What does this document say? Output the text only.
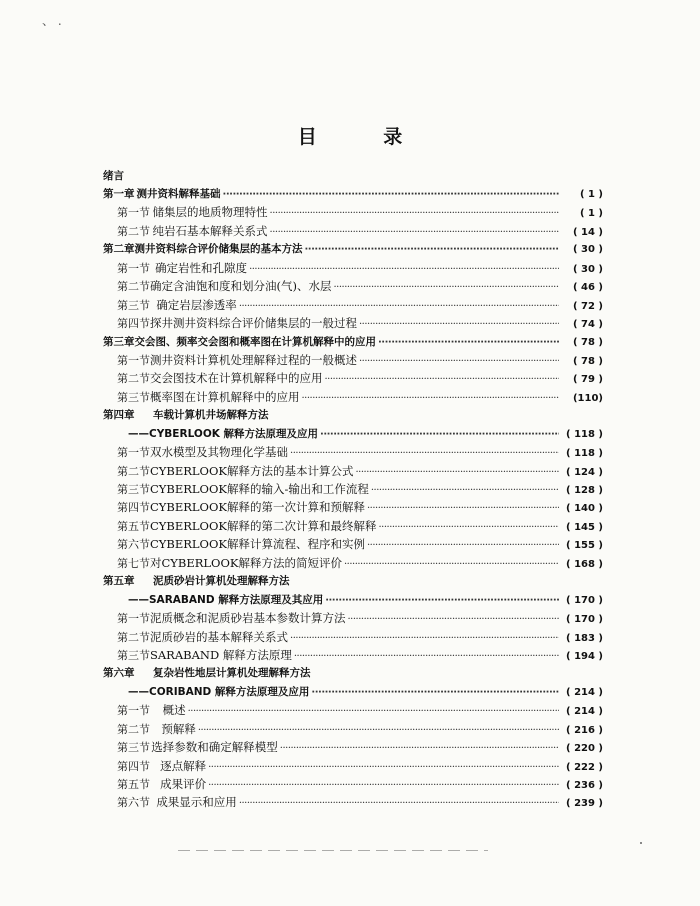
、 .
目 录
绪言
第一章 测井资料解释基础 ·····	( 1 )
第一节 储集层的地质物理特性 ·····	( 1 )
第二节 纯岩石基本解释关系式 ·····	( 14 )
第二章 测井资料综合评价储集层的基本方法 ·····	( 30 )
第一节 确定岩性和孔隙度 ·····	( 30 )
第二节 确定含油饱和度和划分油(气)、水层 ·····	( 46 )
第三节 确定岩层渗透率 ·····	( 72 )
第四节 探井测井资料综合评价储集层的一般过程 ·····	( 74 )
第三章 交会图、频率交会图和概率图在计算机解释中的应用 ·····	( 78 )
第一节 测井资料计算机处理解释过程的一般概述 ·····	( 78 )
第二节 交会图技术在计算机解释中的应用 ·····	( 79 )
第三节 概率图在计算机解释中的应用 ·····	(110)
第四章	车载计算机井场解释方法
——CYBERLOOK 解释方法原理及应用 ·····	( 118 )
第一节 双水模型及其物理化学基础 ·····	( 118 )
第二节 CYBERLOOK解释方法的基本计算公式 ·····	( 124 )
第三节 CYBERLOOK解释的输入-输出和工作流程 ·····	( 128 )
第四节 CYBERLOOK解释的第一次计算和预解释 ·····	( 140 )
第五节 CYBERLOOK解释的第二次计算和最终解释 ·····	( 145 )
第六节 CYBERLOOK解释计算流程、程序和实例 ·····	( 155 )
第七节 对CYBERLOOK解释方法的简短评价 ·····	( 168 )
第五章	泥质砂岩计算机处理解释方法
——SARABAND 解释方法原理及其应用 ·····	( 170 )
第一节 泥质概念和泥质砂岩基本参数计算方法 ·····	( 170 )
第二节 泥质砂岩的基本解释关系式 ·····	( 183 )
第三节 SARABAND 解释方法原理 ·····	( 194 )
第六章	复杂岩性地层计算机处理解释方法
——CORIBAND 解释方法原理及应用 ·····	( 214 )
第一节	概述 ·····	( 214 )
第二节 预解释 ·····	( 216 )
第三节 选择参数和确定解释模型 ·····	( 220 )
第四节 逐点解释 ·····	( 222 )
第五节 成果评价 ·····	( 236 )
第六节 成果显示和应用 ·····	( 239 )
